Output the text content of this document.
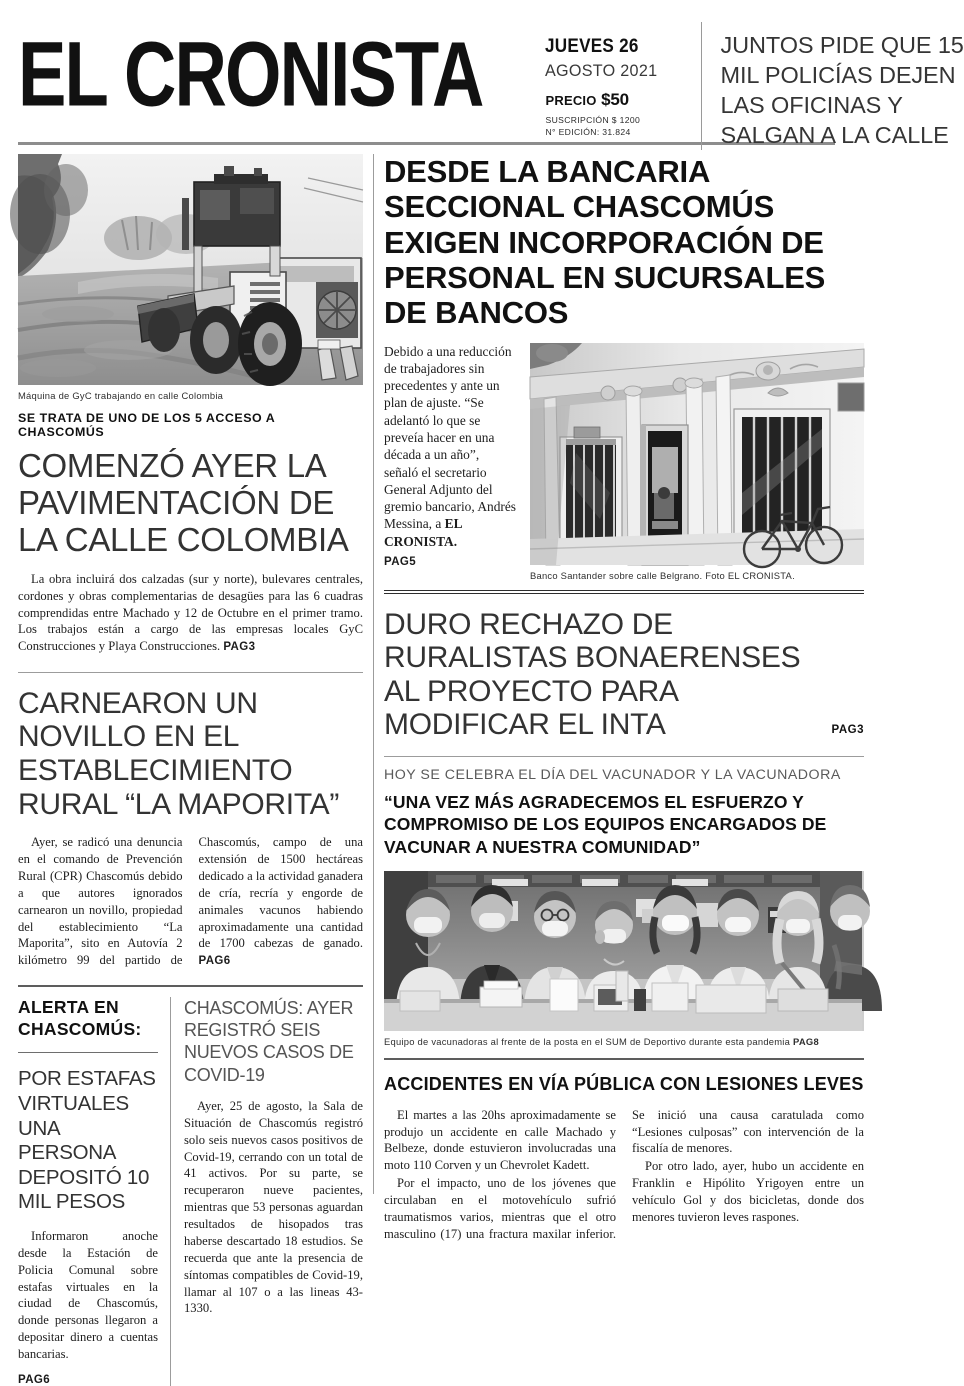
EL CRONISTA	JUEVES 26
AGOSTO 2021
PRECIO $50
SUSCRIPCIÓN $ 1200
N° EDICIÓN: 31.824
JUNTOS PIDE QUE 15
MIL POLICÍAS DEJEN
LAS OFICINAS Y
SALGAN A LA CALLE
Máquina de GyC trabajando en calle Colombia
SE TRATA DE UNO DE LOS 5 ACCESO A CHASCOMÚS
COMENZÓ AYER LA PAVIMENTACIÓN DE LA CALLE COLOMBIA

La obra incluirá dos calzadas (sur y norte), bulevares centrales, cordones y obras complementarias de desagües para las 6 cuadras comprendidas entre Machado y 12 de Octubre en el primer tramo. Los trabajos están a cargo de las empresas locales GyC Construcciones y Playa Construcciones. PAG3

CARNEARON UN NOVILLO EN EL ESTABLECIMIENTO RURAL “LA MAPORITA”

Ayer, se radicó una denuncia en el comando de Prevención Rural (CPR) Chascomús debido a que autores ignorados carnearon un novillo, propiedad del establecimiento “La Maporita”, sito en Autovía 2 kilómetro 99 del partido de Chascomús, campo de una extensión de 1500 hectáreas dedicado a la actividad ganadera de cría, recría y engorde de animales vacunos habiendo aproximadamente una cantidad de 1700 cabezas de ganado. PAG6

ALERTA EN CHASCOMÚS:
POR ESTAFAS VIRTUALES UNA PERSONA DEPOSITÓ 10 MIL PESOS

Informaron anoche desde la Estación de Policia Comunal sobre estafas virtuales en la ciudad de Chascomús, donde personas llegaron a depositar dinero a cuentas bancarias.

PAG6
CHASCOMÚS: AYER REGISTRÓ SEIS NUEVOS CASOS DE COVID-19

Ayer, 25 de agosto, la Sala de Situación de Chascomús registró solo seis nuevos casos positivos de Covid-19, cerrando con un total de 41 activos. Por su parte, se recuperaron nueve pacientes, mientras que 53 personas aguardan resultados de hisopados tras haberse descartado 18 estudios. Se recuerda que ante la presencia de síntomas compatibles de Covid-19, llamar al 107 o a las lineas 43-1330.

DESDE LA BANCARIA SECCIONAL CHASCOMÚS EXIGEN INCORPORACIÓN DE PERSONAL EN SUCURSALES DE BANCOS

Debido a una reducción de trabajadores sin precedentes y ante un plan de ajuste. “Se adelantó lo que se preveía hacer en una década a un año”, señaló el secretario General Adjunto del gremio bancario, Andrés Messina, a EL CRONISTA.

PAG5
Banco Santander sobre calle Belgrano. Foto EL CRONISTA.
DURO RECHAZO DE RURALISTAS BONAERENSES AL PROYECTO PARA MODIFICAR EL INTA	PAG3
HOY SE CELEBRA EL DÍA DEL VACUNADOR Y LA VACUNADORA
“UNA VEZ MÁS AGRADECEMOS EL ESFUERZO Y COMPROMISO DE LOS EQUIPOS ENCARGADOS DE VACUNAR A NUESTRA COMUNIDAD”
Equipo de vacunadoras al frente de la posta en el SUM de Deportivo durante esta pandemia PAG8
ACCIDENTES EN VÍA PÚBLICA CON LESIONES LEVES

El martes a las 20hs aproximadamente se produjo un accidente en calle Machado y Belbeze, donde estuvieron involucradas una moto 110 Corven y un Chevrolet Kadett.

Por el impacto, uno de los jóvenes que circulaban en el motovehículo sufrió traumatismos varios, mientras que el otro masculino (17) una fractura maxilar inferior. Se inició una causa caratulada como “Lesiones culposas” con intervención de la fiscalía de menores.

Por otro lado, ayer, hubo un accidente en Franklin e Hipólito Yrigoyen entre un vehículo Gol y dos bicicletas, donde dos menores tuvieron leves raspones.
